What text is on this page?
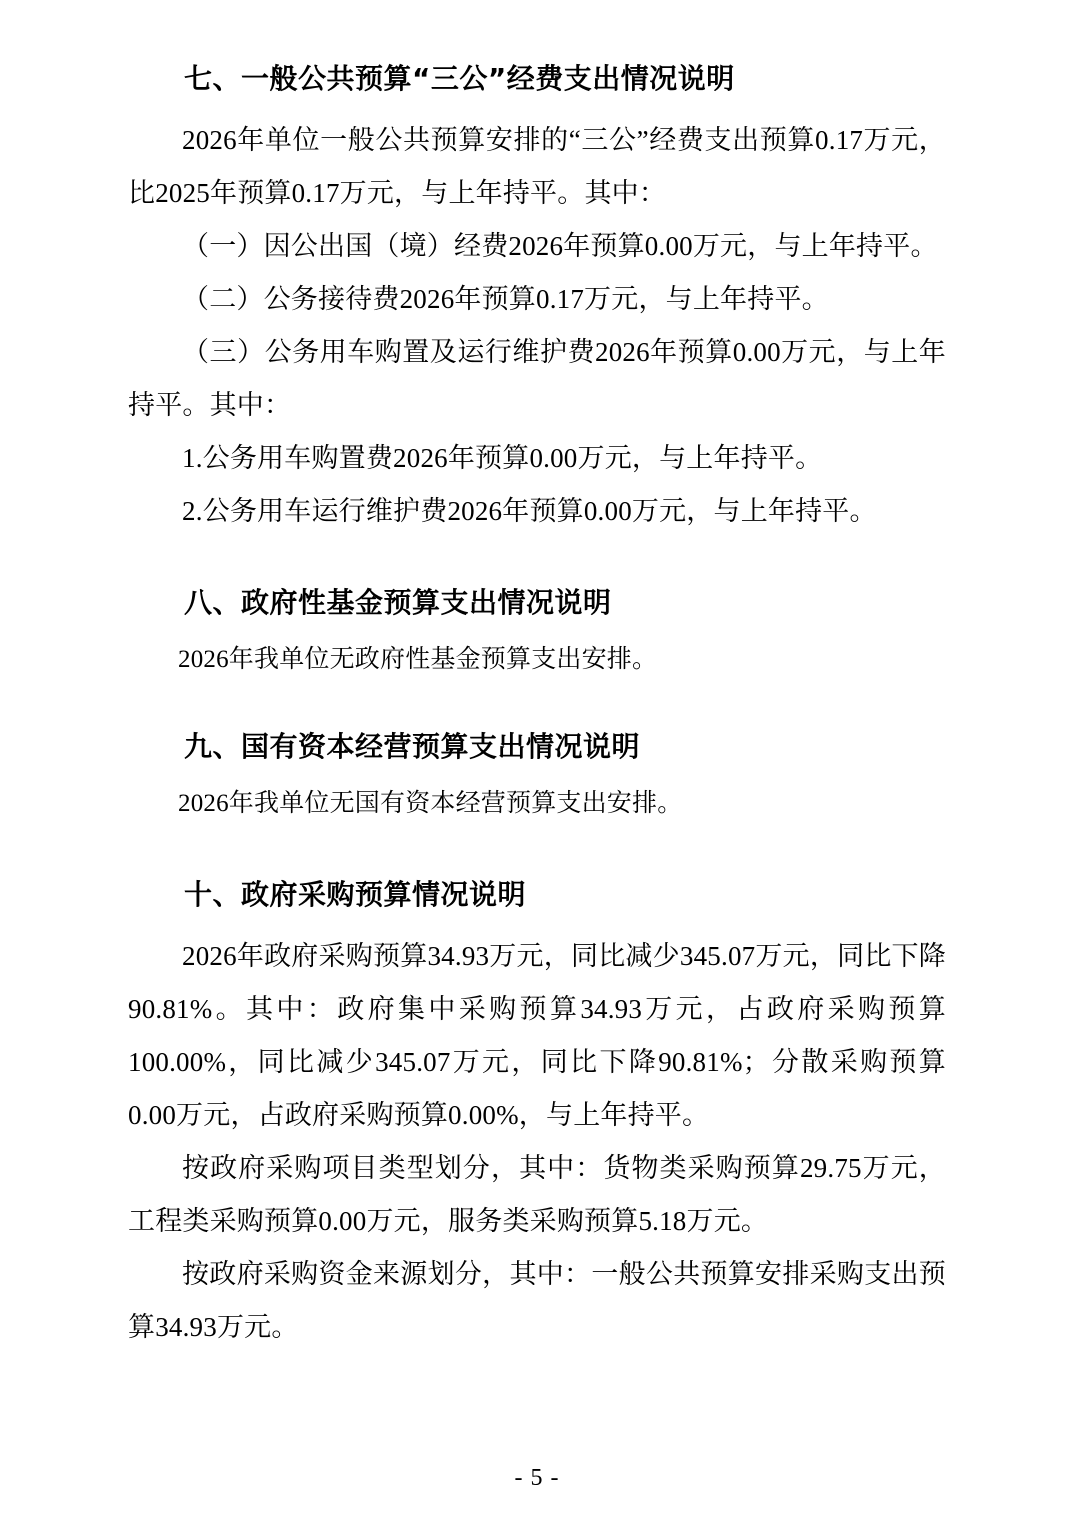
七、一般公共预算“三公”经费支出情况说明

2026年单位一般公共预算安排的“三公”经费支出预算0.17万元，比2025年预算0.17万元，与上年持平。其中：

（一）因公出国（境）经费2026年预算0.00万元，与上年持平。

（二）公务接待费2026年预算0.17万元，与上年持平。

（三）公务用车购置及运行维护费2026年预算0.00万元，与上年持平。其中：

1.公务用车购置费2026年预算0.00万元，与上年持平。

2.公务用车运行维护费2026年预算0.00万元，与上年持平。

八、政府性基金预算支出情况说明

2026年我单位无政府性基金预算支出安排。

九、国有资本经营预算支出情况说明

2026年我单位无国有资本经营预算支出安排。

十、政府采购预算情况说明

2026年政府采购预算34.93万元，同比减少345.07万元，同比下降90.81%。其中：政府集中采购预算34.93万元，占政府采购预算100.00%，同比减少345.07万元，同比下降90.81%；分散采购预算0.00万元，占政府采购预算0.00%，与上年持平。

按政府采购项目类型划分，其中：货物类采购预算29.75万元，工程类采购预算0.00万元，服务类采购预算5.18万元。

按政府采购资金来源划分，其中：一般公共预算安排采购支出预算34.93万元。

- 5 -
